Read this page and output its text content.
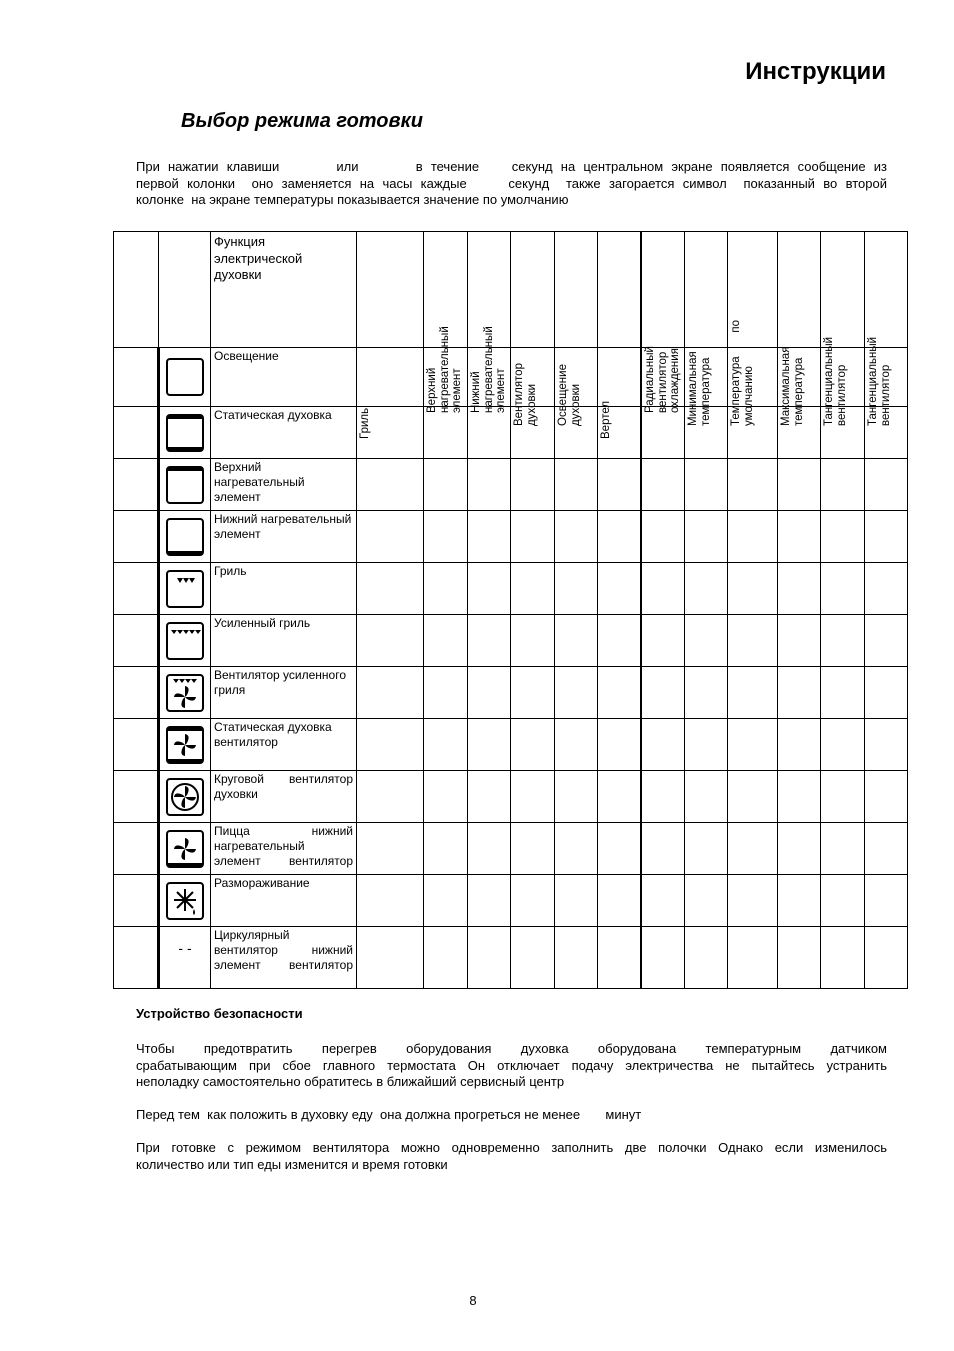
Инструкции
Выбор режима готовки
При нажатии клавиши       или       в течение    секунд на центральном экране появляется сообщение из
первой колонки  оно заменяется на часы каждые     секунд  также загорается символ  показанный во второй
колонке  на экране температуры показывается значение по умолчанию
		Функция электрической духовки	Гриль	Верхний нагревательный элемент	Нижний нагревательный элемент	Вентилятор духовки	Освещение духовки	Вертел	Радиальный вентилятор охлаждения	Минимальная температура	Температура по умолчанию	Максимальная температура	Тангенциальный вентилятор	Тангенциальный вентилятор

	Освещение												

	Статическая духовка												

	Верхний нагревательный элемент												

	Нижний нагревательный элемент												

	Гриль												

	Усиленный гриль												

	Вентилятор усиленного гриля												

	Статическая духовка вентилятор												

	Круговой вентилятор духовки												

	Пицца нижний нагревательный элемент вентилятор												

	Размораживание												

	- -	Циркулярный вентилятор нижний элемент вентилятор												

Устройство безопасности

Чтобы предотвратить перегрев оборудования духовка оборудована температурным датчиком
срабатывающим при сбое главного термостата Он отключает подачу электричества не пытайтесь устранить
неполадку самостоятельно обратитесь в ближайший сервисный центр
Перед тем  как положить в духовку еду  она должна прогреться не менее       минут
При готовке с режимом вентилятора можно одновременно заполнить две полочки Однако если изменилось
количество или тип еды изменится и время готовки
8
